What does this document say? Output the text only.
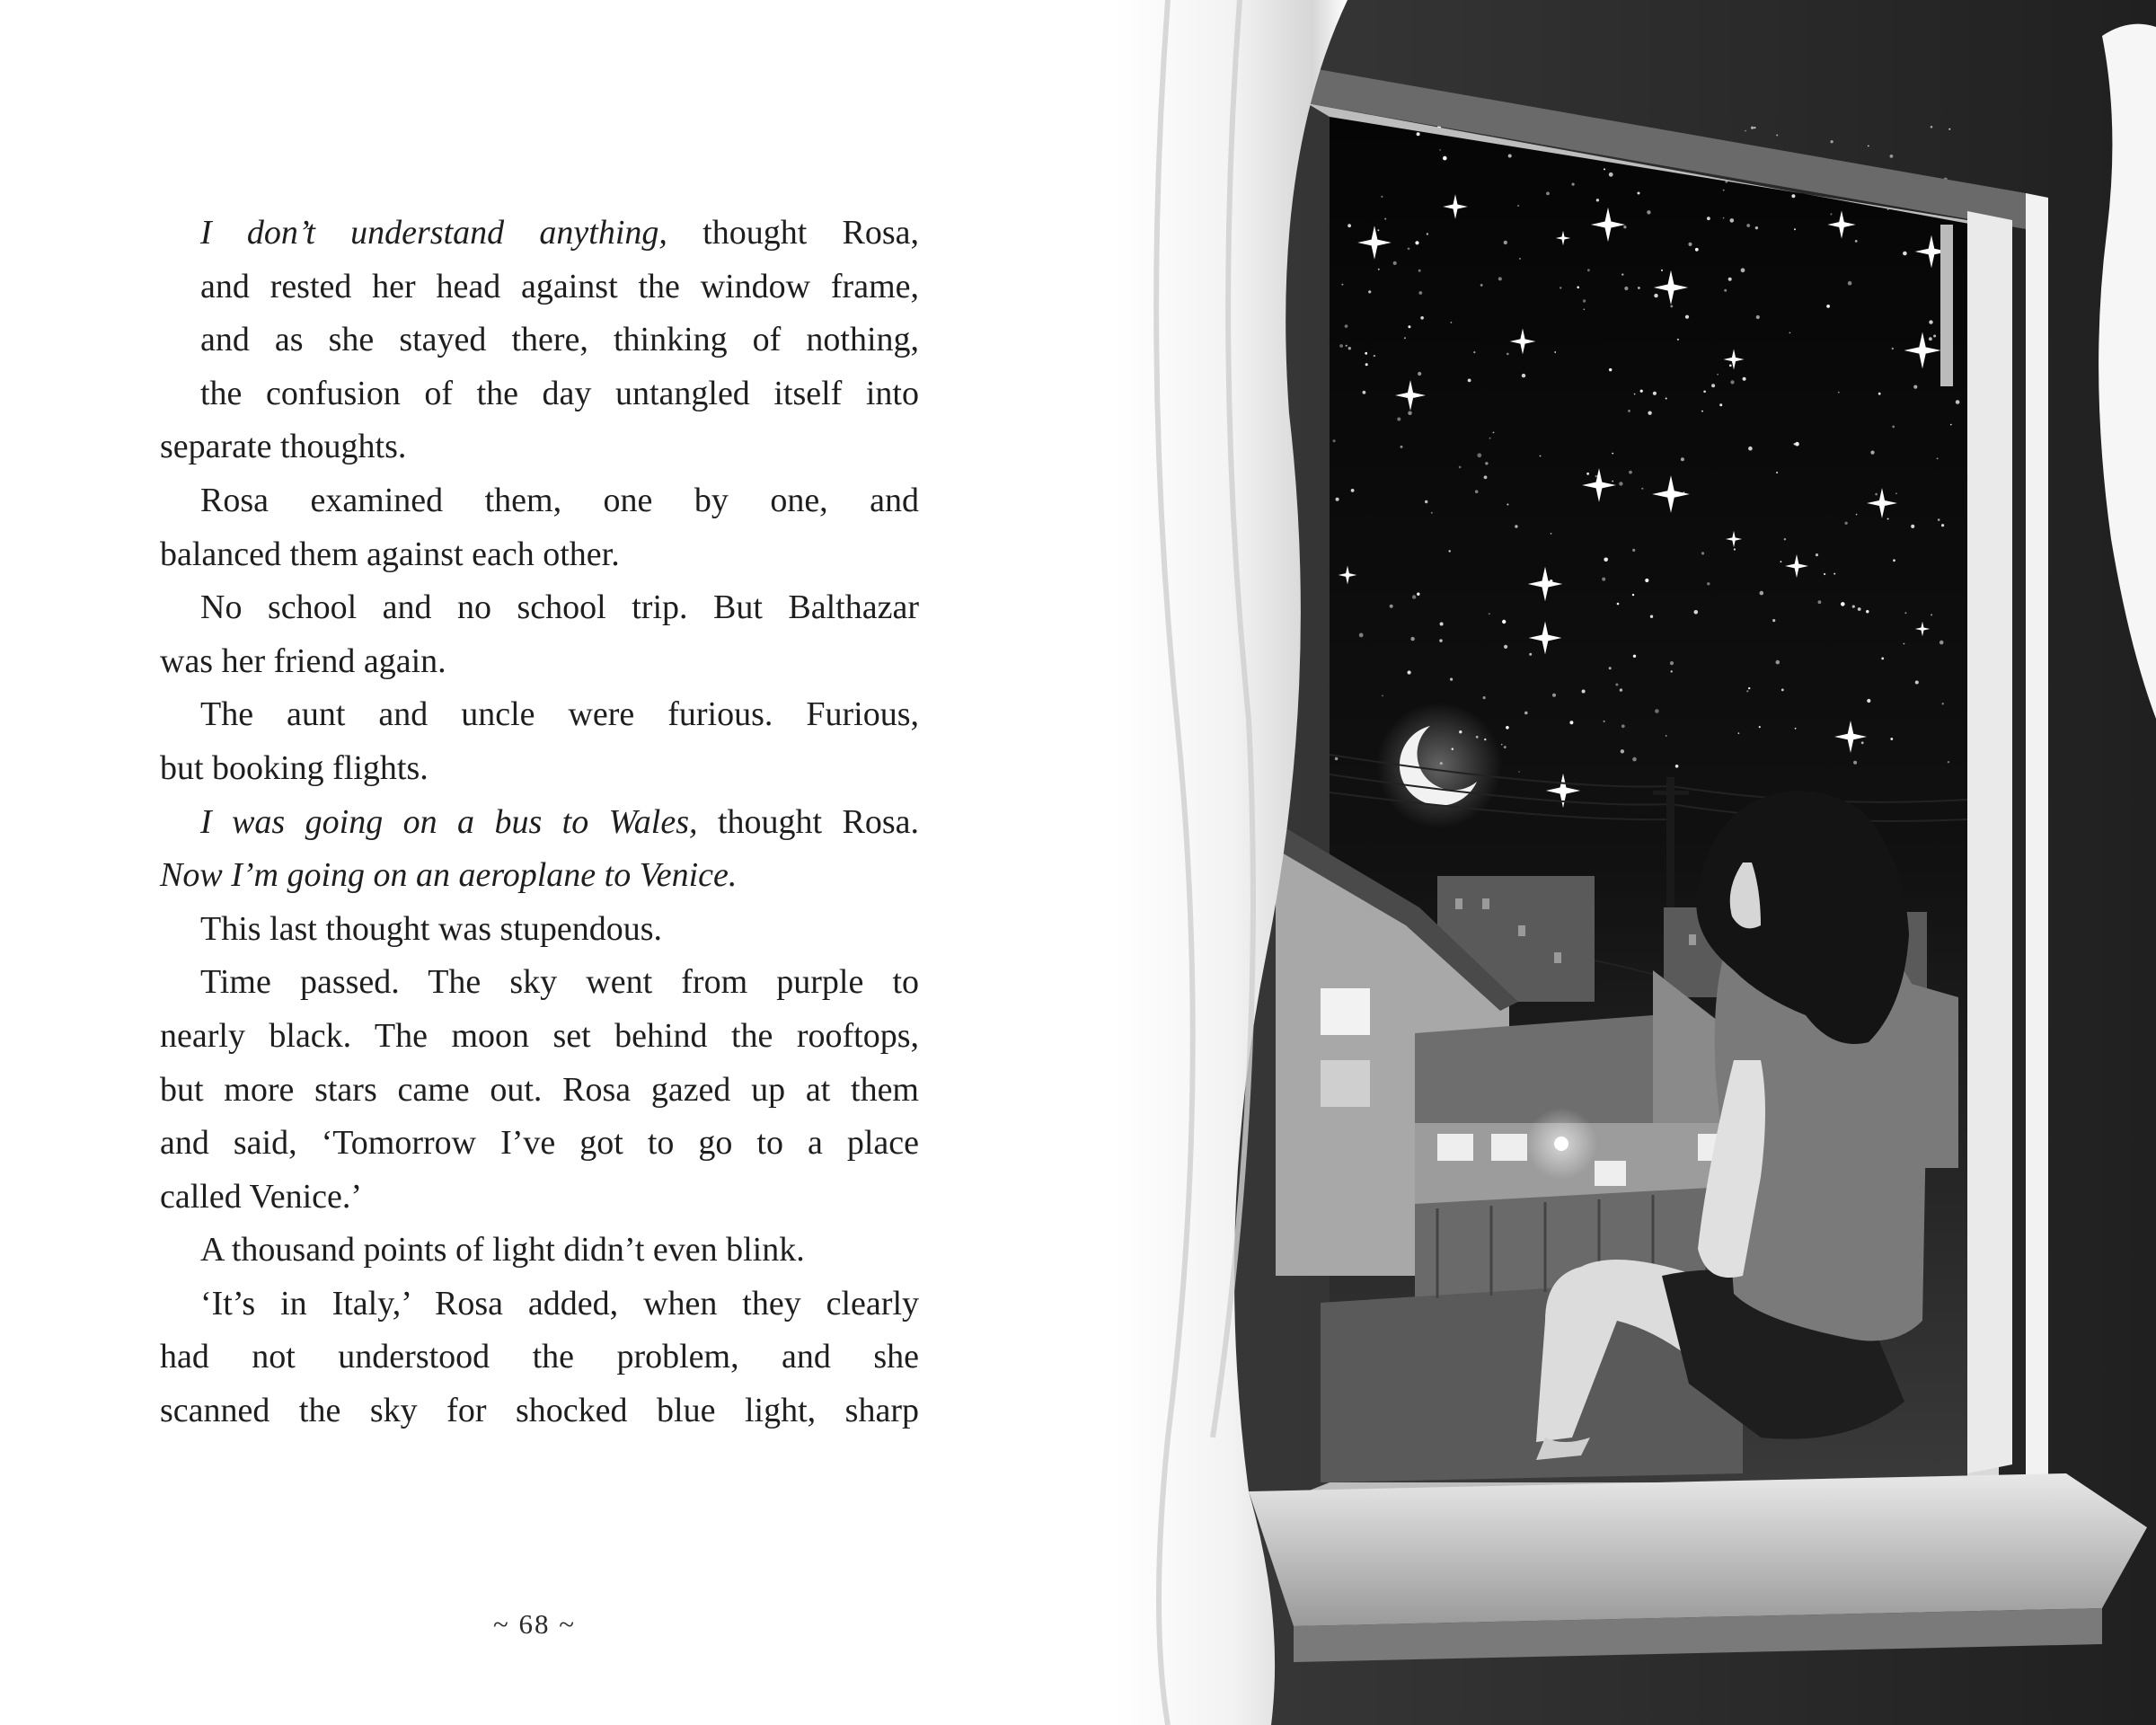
I don’t understand anything, thought Rosa,
and rested her head against the window frame,
and as she stayed there, thinking of nothing,
the confusion of the day untangled itself into
separate thoughts.

Rosa examined them, one by one, and
balanced them against each other.

No school and no school trip. But Balthazar
was her friend again.

The aunt and uncle were furious. Furious,
but booking flights.

I was going on a bus to Wales, thought Rosa.
Now I’m going on an aeroplane to Venice.

This last thought was stupendous.

Time passed. The sky went from purple to
nearly black. The moon set behind the rooftops,
but more stars came out. Rosa gazed up at them
and said, ‘Tomorrow I’ve got to go to a place
called Venice.’

A thousand points of light didn’t even blink.

‘It’s in Italy,’ Rosa added, when they clearly
had not understood the problem, and she
scanned the sky for shocked blue light, sharp

~ 68 ~
